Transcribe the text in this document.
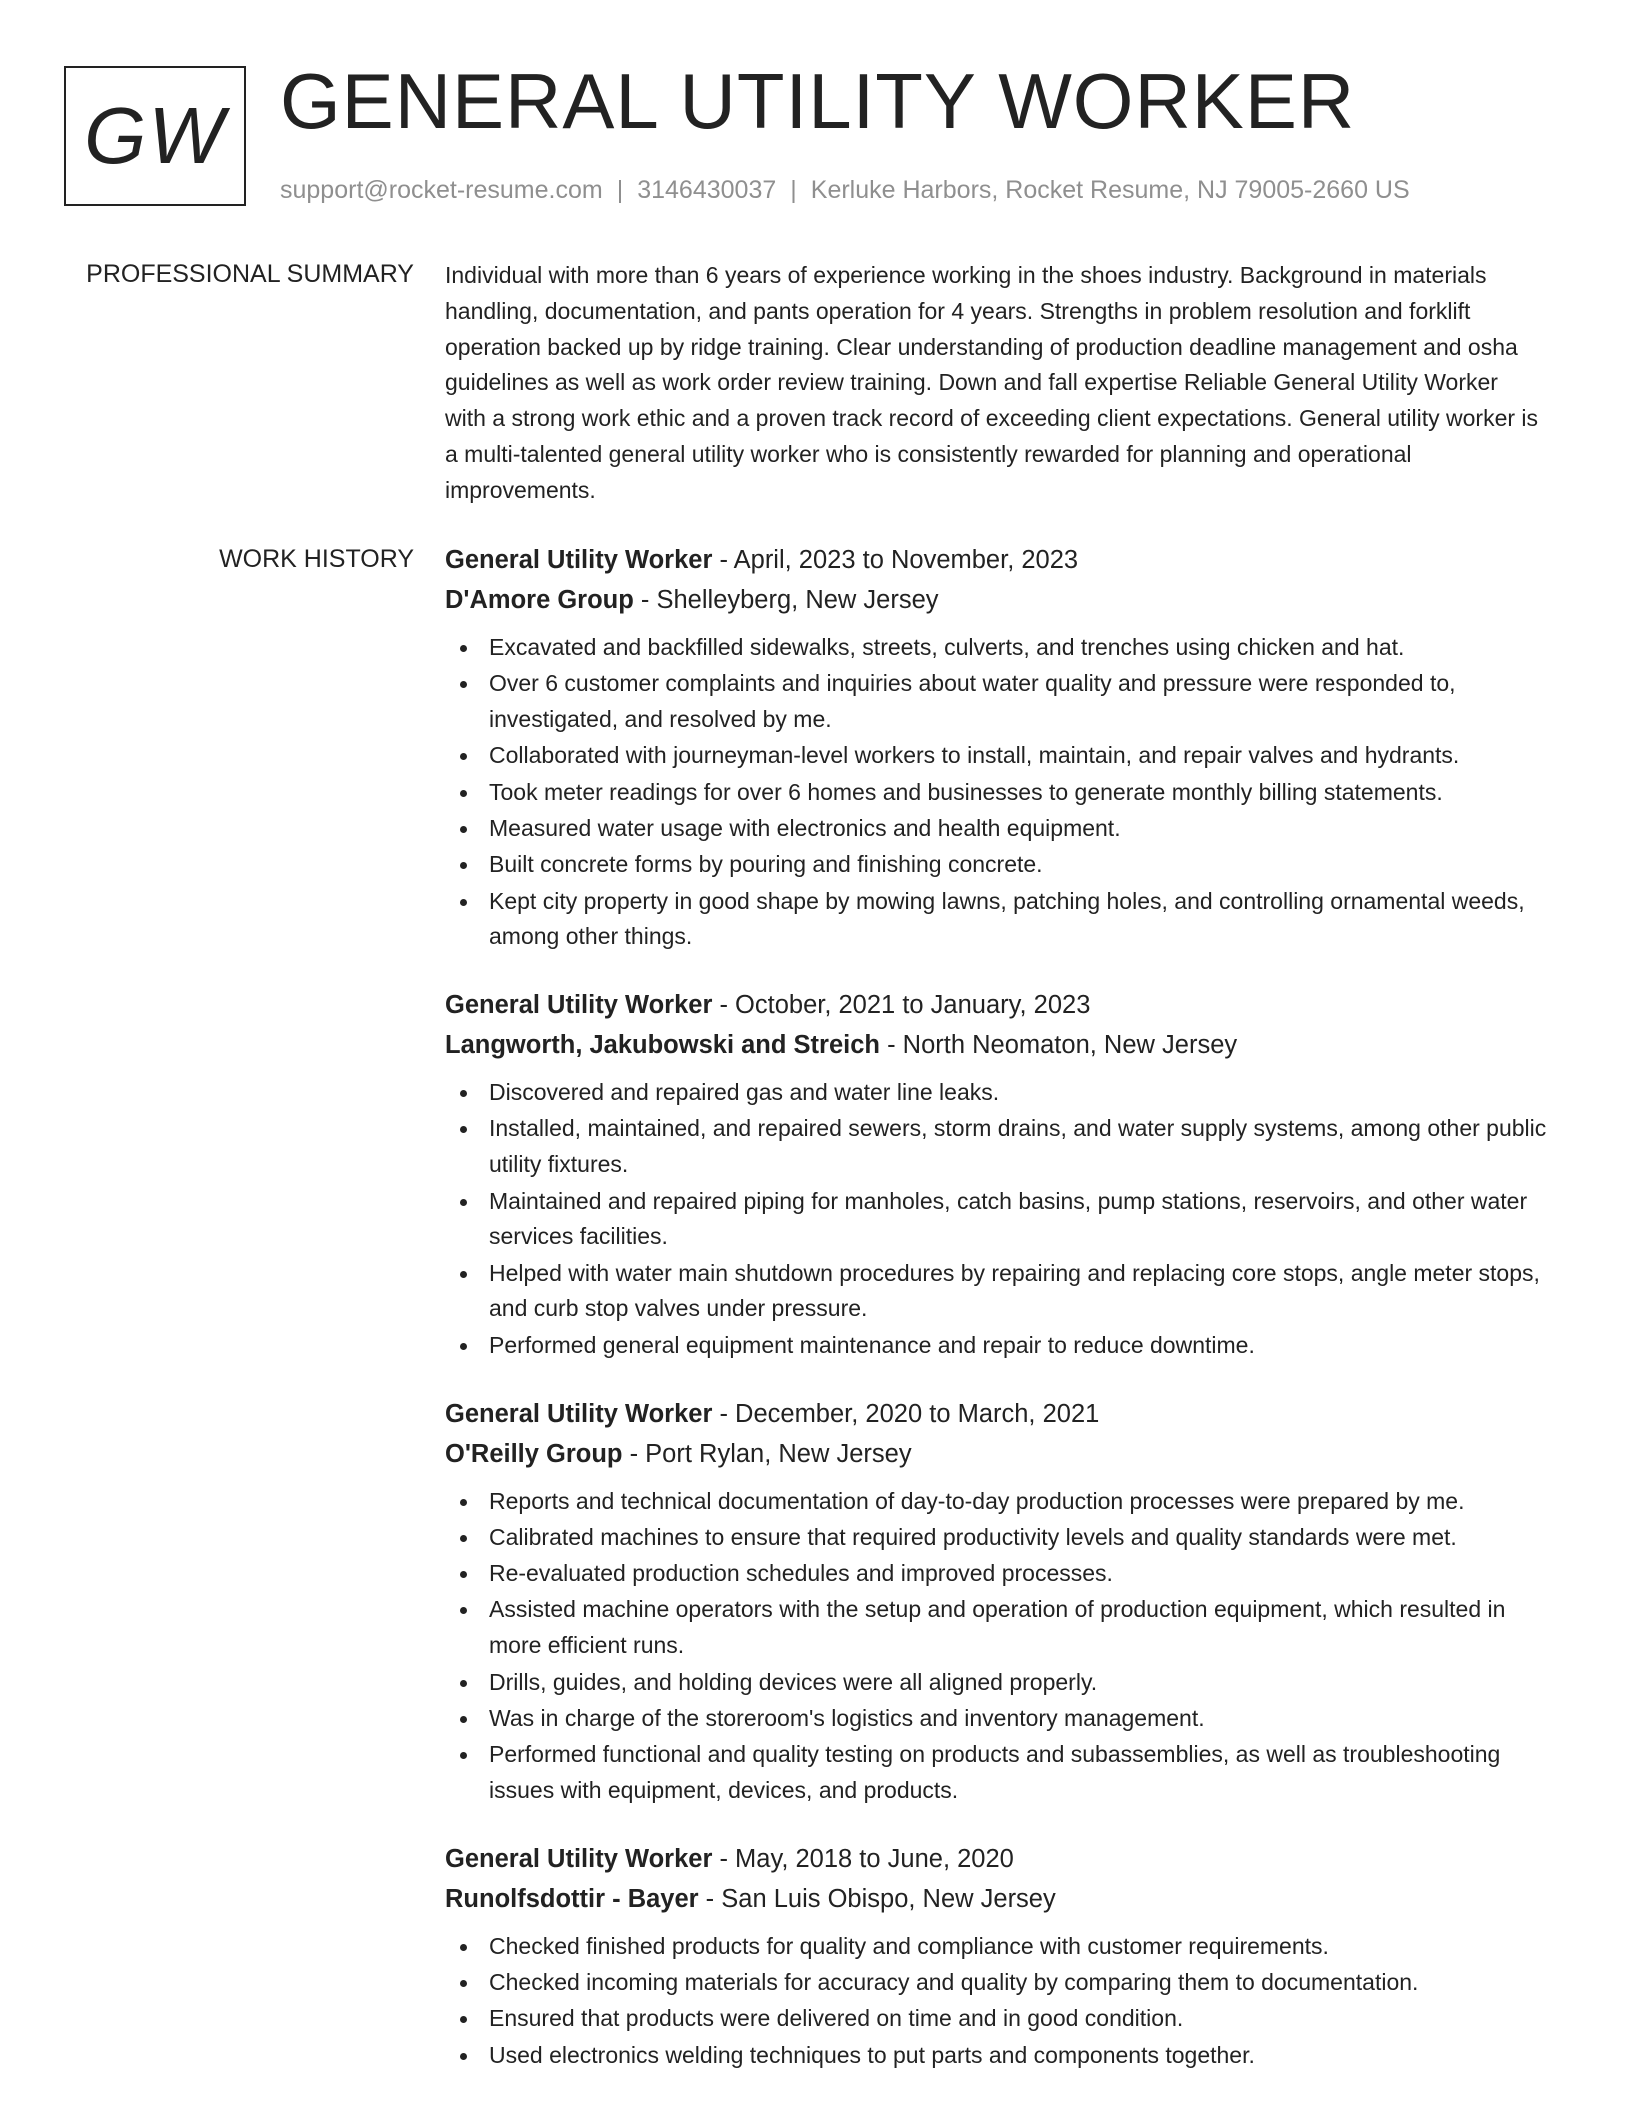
GW GENERAL UTILITY WORKER
support@rocket-resume.com | 3146430037 | Kerluke Harbors, Rocket Resume, NJ 79005-2660 US
PROFESSIONAL SUMMARY Individual with more than 6 years of experience working in the shoes industry. Background in materials handling, documentation, and pants operation for 4 years. Strengths in problem resolution and forklift operation backed up by ridge training. Clear understanding of production deadline management and osha guidelines as well as work order review training. Down and fall expertise Reliable General Utility Worker with a strong work ethic and a proven track record of exceeding client expectations. General utility worker is a multi-talented general utility worker who is consistently rewarded for planning and operational improvements.

WORK HISTORY General Utility Worker - April, 2023 to November, 2023
D'Amore Group - Shelleyberg, New Jersey
Excavated and backfilled sidewalks, streets, culverts, and trenches using chicken and hat.
Over 6 customer complaints and inquiries about water quality and pressure were responded to, investigated, and resolved by me.
Collaborated with journeyman-level workers to install, maintain, and repair valves and hydrants.
Took meter readings for over 6 homes and businesses to generate monthly billing statements.
Measured water usage with electronics and health equipment.
Built concrete forms by pouring and finishing concrete.
Kept city property in good shape by mowing lawns, patching holes, and controlling ornamental weeds, among other things.
General Utility Worker - October, 2021 to January, 2023
Langworth, Jakubowski and Streich - North Neomaton, New Jersey
Discovered and repaired gas and water line leaks.
Installed, maintained, and repaired sewers, storm drains, and water supply systems, among other public utility fixtures.
Maintained and repaired piping for manholes, catch basins, pump stations, reservoirs, and other water services facilities.
Helped with water main shutdown procedures by repairing and replacing core stops, angle meter stops, and curb stop valves under pressure.
Performed general equipment maintenance and repair to reduce downtime.
General Utility Worker - December, 2020 to March, 2021
O'Reilly Group - Port Rylan, New Jersey
Reports and technical documentation of day-to-day production processes were prepared by me.
Calibrated machines to ensure that required productivity levels and quality standards were met.
Re-evaluated production schedules and improved processes.
Assisted machine operators with the setup and operation of production equipment, which resulted in more efficient runs.
Drills, guides, and holding devices were all aligned properly.
Was in charge of the storeroom's logistics and inventory management.
Performed functional and quality testing on products and subassemblies, as well as troubleshooting issues with equipment, devices, and products.
General Utility Worker - May, 2018 to June, 2020
Runolfsdottir - Bayer - San Luis Obispo, New Jersey
Checked finished products for quality and compliance with customer requirements.
Checked incoming materials for accuracy and quality by comparing them to documentation.
Ensured that products were delivered on time and in good condition.
Used electronics welding techniques to put parts and components together.
